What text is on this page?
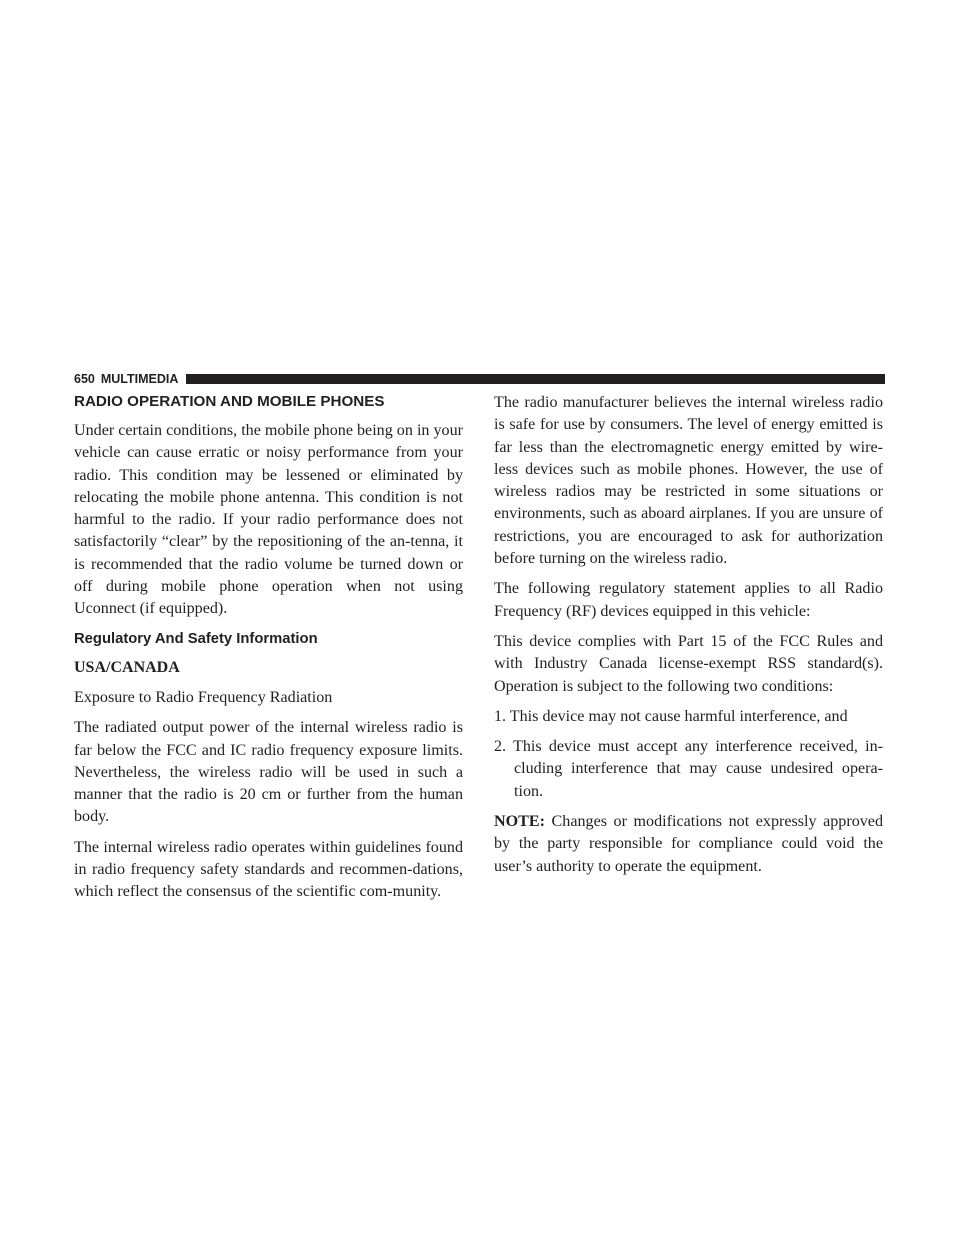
650 MULTIMEDIA
RADIO OPERATION AND MOBILE PHONES

Under certain conditions, the mobile phone being on in your vehicle can cause erratic or noisy performance from your radio. This condition may be lessened or eliminated by relocating the mobile phone antenna. This condition is not harmful to the radio. If your radio performance does not satisfactorily “clear” by the repositioning of the an-tenna, it is recommended that the radio volume be turned down or off during mobile phone operation when not using Uconnect (if equipped).

Regulatory And Safety Information
USA/CANADA

Exposure to Radio Frequency Radiation

The radiated output power of the internal wireless radio is far below the FCC and IC radio frequency exposure limits. Nevertheless, the wireless radio will be used in such a manner that the radio is 20 cm or further from the human body.

The internal wireless radio operates within guidelines found in radio frequency safety standards and recommen-dations, which reflect the consensus of the scientific com-munity.

The radio manufacturer believes the internal wireless radio is safe for use by consumers. The level of energy emitted is far less than the electromagnetic energy emitted by wire-less devices such as mobile phones. However, the use of wireless radios may be restricted in some situations or environments, such as aboard airplanes. If you are unsure of restrictions, you are encouraged to ask for authorization before turning on the wireless radio.

The following regulatory statement applies to all Radio Frequency (RF) devices equipped in this vehicle:

This device complies with Part 15 of the FCC Rules and with Industry Canada license-exempt RSS standard(s). Operation is subject to the following two conditions:

1. This device may not cause harmful interference, and
2. This device must accept any interference received, in-cluding interference that may cause undesired opera-tion.

NOTE: Changes or modifications not expressly approved by the party responsible for compliance could void the user’s authority to operate the equipment.
